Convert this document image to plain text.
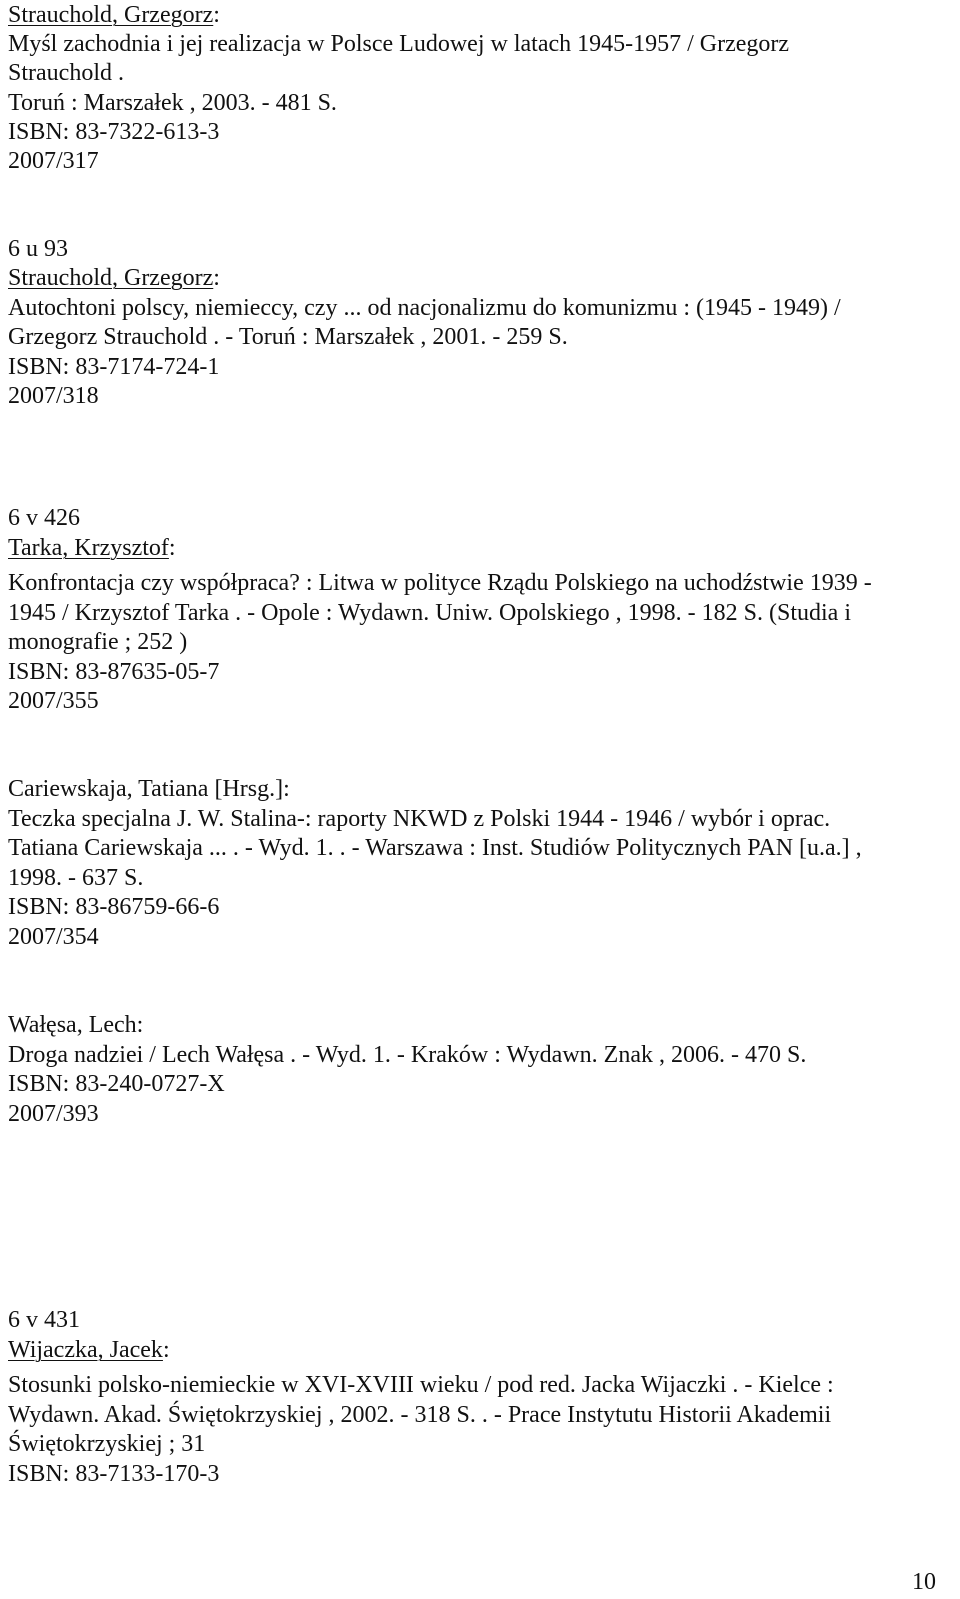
Strauchold, Grzegorz:

Myśl zachodnia i jej realizacja w Polsce Ludowej w latach 1945-1957 / Grzegorz

Strauchold .

Toruń : Marszałek , 2003. - 481 S.

ISBN: 83-7322-613-3

2007/317

6 u 93

Strauchold, Grzegorz:

Autochtoni polscy, niemieccy, czy ... od nacjonalizmu do komunizmu : (1945 - 1949) /

Grzegorz Strauchold . - Toruń : Marszałek , 2001. - 259 S.

ISBN: 83-7174-724-1

2007/318

6 v 426

Tarka, Krzysztof:

Konfrontacja czy współpraca? : Litwa w polityce Rządu Polskiego na uchodźstwie 1939 -

1945 / Krzysztof Tarka . - Opole : Wydawn. Uniw. Opolskiego , 1998. - 182 S. (Studia i

monografie ; 252 )

ISBN: 83-87635-05-7

2007/355

Cariewskaja, Tatiana [Hrsg.]:

Teczka specjalna J. W. Stalina-: raporty NKWD z Polski 1944 - 1946 / wybór i oprac.

Tatiana Cariewskaja ... . - Wyd. 1. . - Warszawa : Inst. Studiów Politycznych PAN [u.a.] ,

1998. - 637 S.

ISBN: 83-86759-66-6

2007/354

Wałęsa, Lech:

Droga nadziei / Lech Wałęsa . - Wyd. 1. - Kraków : Wydawn. Znak , 2006. - 470 S.

ISBN: 83-240-0727-X

2007/393

6 v 431

Wijaczka, Jacek:

Stosunki polsko-niemieckie w XVI-XVIII wieku / pod red. Jacka Wijaczki . - Kielce :

Wydawn. Akad. Świętokrzyskiej , 2002. - 318 S. . - Prace Instytutu Historii Akademii

Świętokrzyskiej ; 31

ISBN: 83-7133-170-3

10
